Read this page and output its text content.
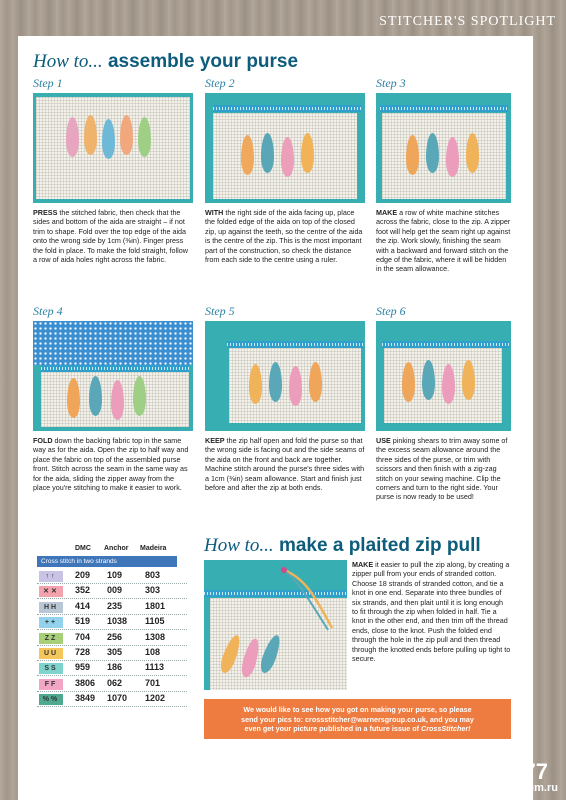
STITCHER'S SPOTLIGHT
How to... assemble your purse
Step 1	Step 2	Step 3
Step 4	Step 5	Step 6
PRESS the stitched fabric, then check that the sides and bottom of the aida are straight – if not trim to shape. Fold over the top edge of the aida onto the wrong side by 1cm (⅜in). Finger press the fold in place. To make the fold straight, follow a row of aida holes right across the fabric.
WITH the right side of the aida facing up, place the folded edge of the aida on top of the closed zip, up against the teeth, so the centre of the aida is the centre of the zip. This is the most important part of the construction, so check the distance from each side to the centre using a ruler.
MAKE a row of white machine stitches across the fabric, close to the zip. A zipper foot will help get the seam right up against the zip. Work slowly, finishing the seam with a backward and forward stitch on the edge of the fabric, where it will be hidden in the seam allowance.
FOLD down the backing fabric top in the same way as for the aida. Open the zip to half way and place the fabric on top of the assembled purse front. Stitch across the seam in the same way as for the aida, sliding the zipper away from the place you're stitching to make it easier to work.
KEEP the zip half open and fold the purse so that the wrong side is facing out and the side seams of the aida on the front and back are together. Machine stitch around the purse's three sides with a 1cm (⅜in) seam allowance. Start and finish just before and after the zip at both ends.
USE pinking shears to trim away some of the excess seam allowance around the three sides of the purse, or trim with scissors and then finish with a zig-zag stitch on your sewing machine. Clip the corners and turn to the right side. Your purse is now ready to be used!
DMC Anchor Madeira
Cross stitch in two strands
↑↑	209 109	803
✕✕	352 009	303
HH	414 235	1801
++	519 1038 1105
ZZ	704 256	1308
UU	728 305	108
SS	959 186	1113
FF	3806 062	701
%%	3849 1070 1202
How to... make a plaited zip pull
MAKE it easier to pull the zip along, by creating a zipper pull from your ends of stranded cotton. Choose 18 strands of stranded cotton, and tie a knot in one end. Separate into three bundles of six strands, and then plait until it is long enough to fit through the zip when folded in half. Tie a knot in the other end, and then trim off the thread ends, close to the knot. Push the folded end through the hole in the zip pull and then thread through the knotted ends before pulling up tight to secure.
We would like to see how you got on making your purse, so please
send your pics to: crossstitcher@warnersgroup.co.uk, and you may
even get your picture published in a future issue of CrossStitcher!
CrossStitcher
SUMMER 2021 77
PassionForum.ru
